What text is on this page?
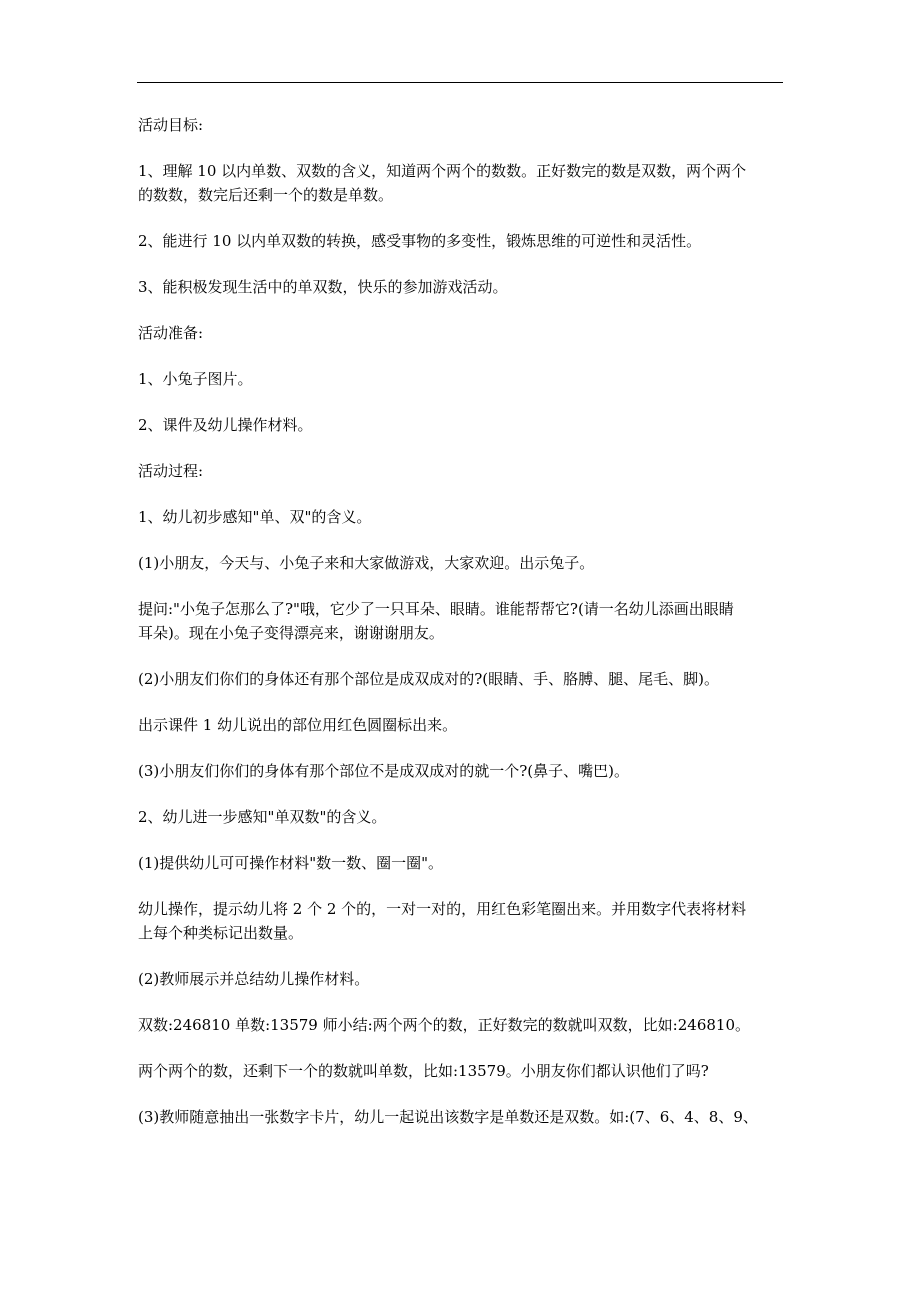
活动目标:

1、理解 10 以内单数、双数的含义，知道两个两个的数数。正好数完的数是双数，两个两个
的数数，数完后还剩一个的数是单数。

2、能进行 10 以内单双数的转换，感受事物的多变性，锻炼思维的可逆性和灵活性。

3、能积极发现生活中的单双数，快乐的参加游戏活动。

活动准备:

1、小兔子图片。

2、课件及幼儿操作材料。

活动过程:

1、幼儿初步感知"单、双"的含义。

(1)小朋友，今天与、小兔子来和大家做游戏，大家欢迎。出示兔子。

提问:"小兔子怎那么了?"哦，它少了一只耳朵、眼睛。谁能帮帮它?(请一名幼儿添画出眼睛
耳朵)。现在小兔子变得漂亮来，谢谢谢朋友。

(2)小朋友们你们的身体还有那个部位是成双成对的?(眼睛、手、胳膊、腿、尾毛、脚)。

出示课件 1 幼儿说出的部位用红色圆圈标出来。

(3)小朋友们你们的身体有那个部位不是成双成对的就一个?(鼻子、嘴巴)。

2、幼儿进一步感知"单双数"的含义。

(1)提供幼儿可可操作材料"数一数、圈一圈"。

幼儿操作，提示幼儿将 2 个 2 个的，一对一对的，用红色彩笔圈出来。并用数字代表将材料
上每个种类标记出数量。

(2)教师展示并总结幼儿操作材料。

双数:246810 单数:13579 师小结:两个两个的数，正好数完的数就叫双数，比如:246810。

两个两个的数，还剩下一个的数就叫单数，比如:13579。小朋友你们都认识他们了吗?

(3)教师随意抽出一张数字卡片，幼儿一起说出该数字是单数还是双数。如:(7、6、4、8、9、
